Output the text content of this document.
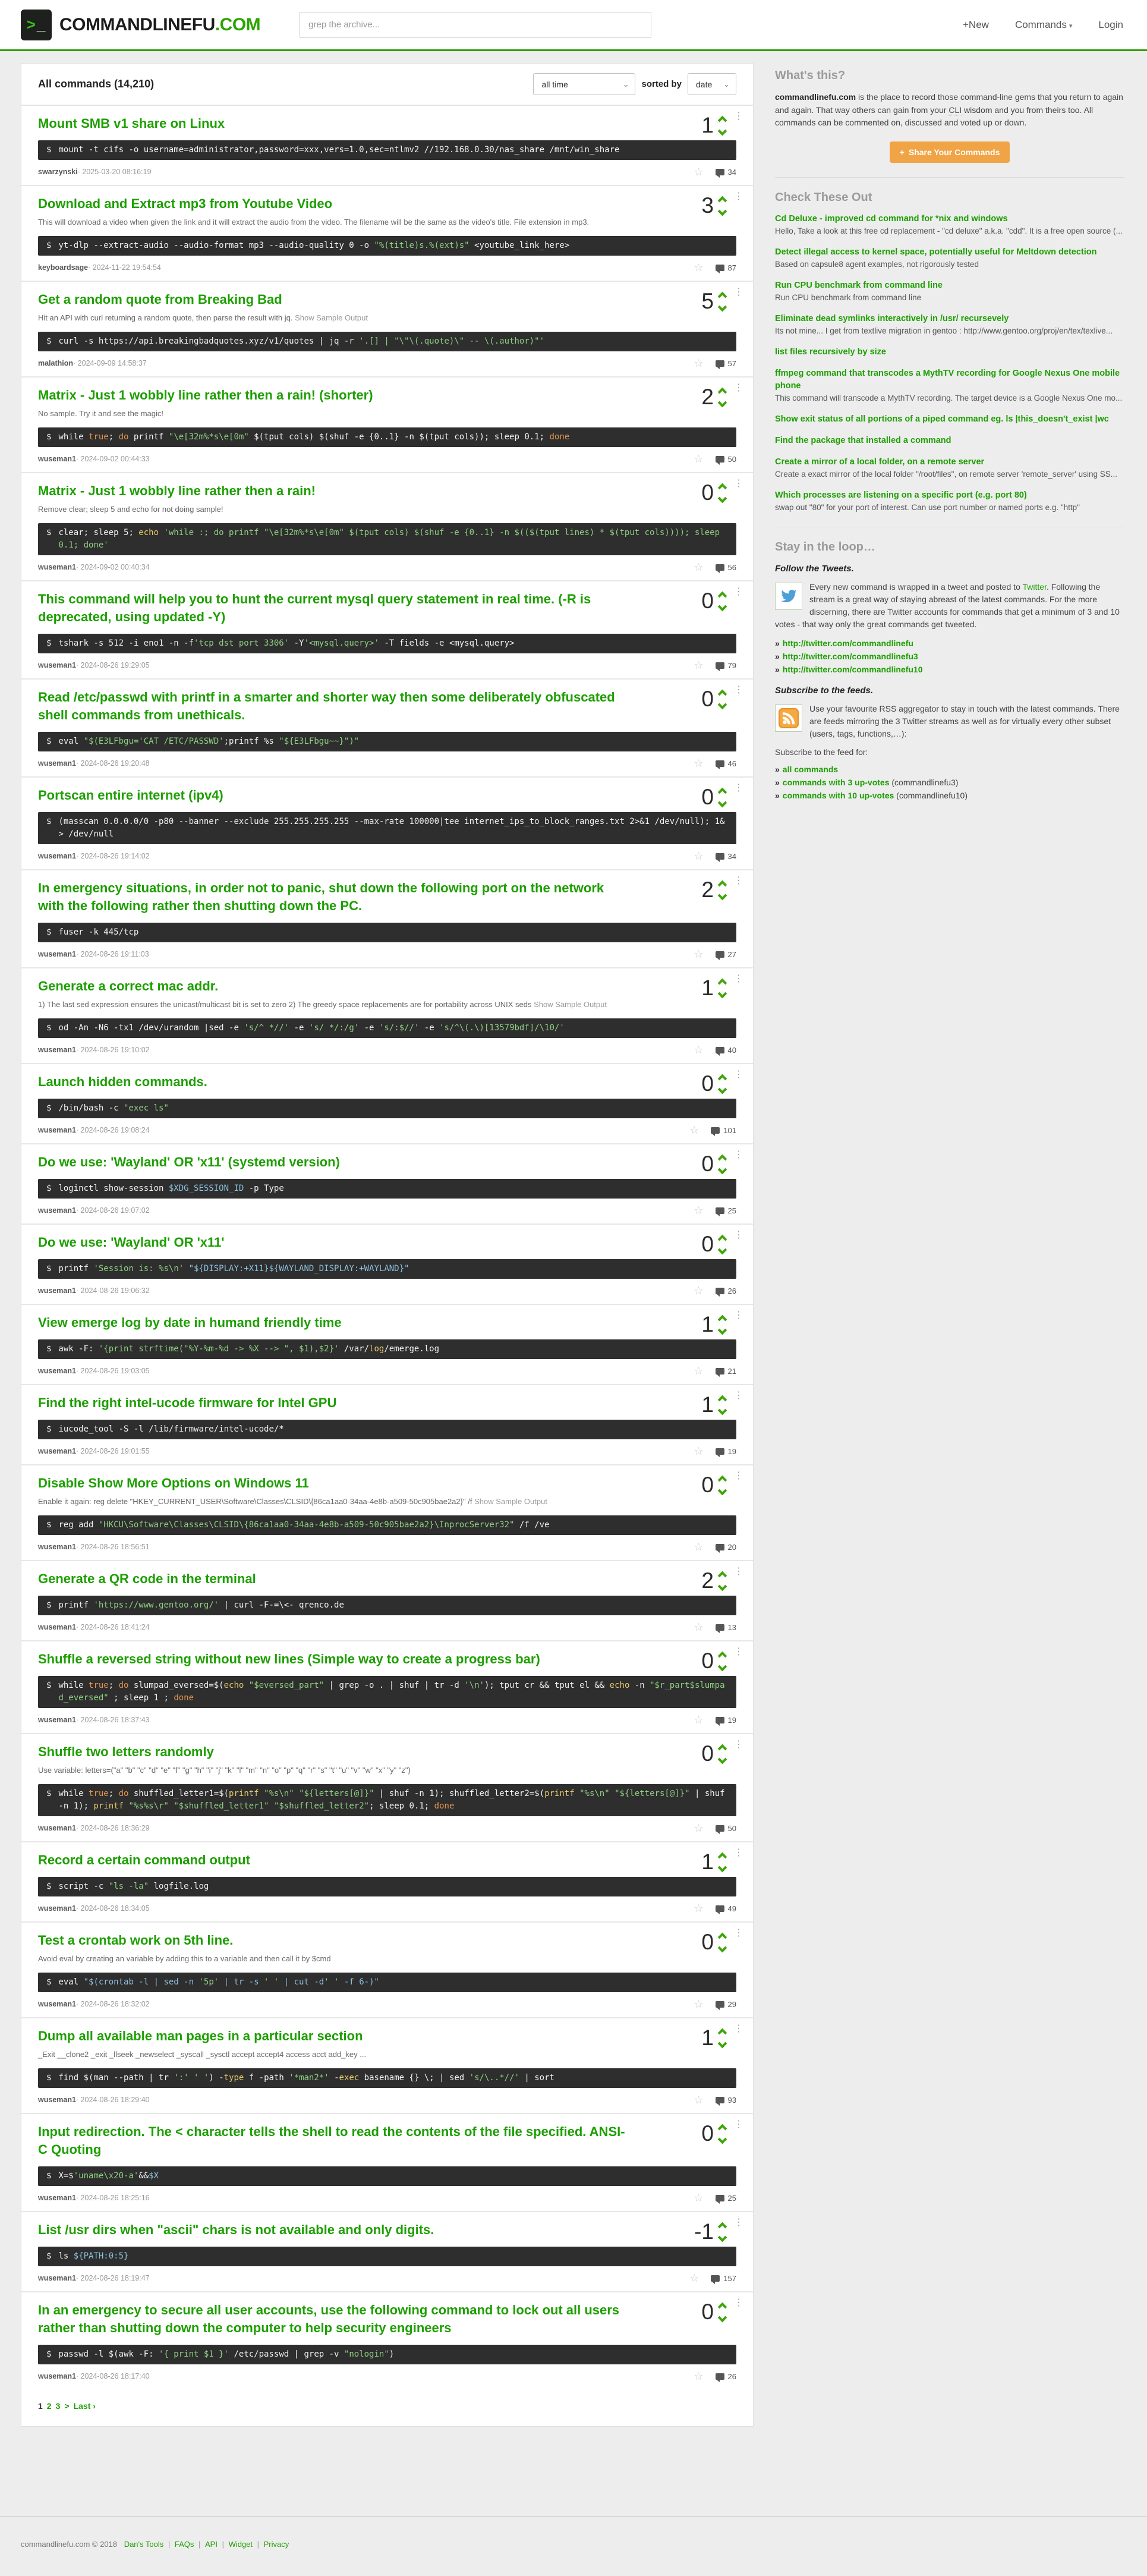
> _ COMMANDLINEFU.COM
grep the archive...	+New	Commands ▾	Login
All commands (14,210)	all time	⌄ sorted by date	⌄
Mount SMB v1 share on Linux
$ mount -t cifs -o username=administrator,password=xxx,vers=1.0,sec=ntlmv2 //192.168.0.30/nas_share /mnt/win_share
swarzynski · 2025-03-20 08:16:19	☆	34
1 ⋮
Download and Extract mp3 from Youtube Video
This will download a video when given the link and it will extract the audio from the video. The filename will be the same as the video's title. File extension in mp3.
$ yt-dlp --extract-audio --audio-format mp3 --audio-quality 0 -o "%(title)s.%(ext)s" <youtube_link_here>
keyboardsage · 2024-11-22 19:54:54	☆	87
3 ⋮
Get a random quote from Breaking Bad
Hit an API with curl returning a random quote, then parse the result with jq. Show Sample Output
$ curl -s https://api.breakingbadquotes.xyz/v1/quotes | jq -r '.[] | "\"\(.quote)\" -- \(.author)"'
malathion · 2024-09-09 14:58:37	☆	57
5 ⋮
Matrix - Just 1 wobbly line rather then a rain! (shorter)
No sample. Try it and see the magic!
$ while true; do printf "\e[32m%*s\e[0m" $(tput cols) $(shuf -e {0..1} -n $(tput cols)); sleep 0.1; done
wuseman1 · 2024-09-02 00:44:33	☆	50
2 ⋮
Matrix - Just 1 wobbly line rather then a rain!
Remove clear; sleep 5 and echo for not doing sample!
$ clear; sleep 5; echo 'while :; do printf "\e[32m%*s\e[0m" $(tput cols) $(shuf -e {0..1} -n $(($(tput lines) * $(tput cols)))); sleep 0.1; done'
wuseman1 · 2024-09-02 00:40:34	☆	56
0 ⋮
This command will help you to hunt the current mysql query statement in real time. (-R is deprecated, using updated -Y)
$ tshark -s 512 -i eno1 -n -f'tcp dst port 3306' -Y'<mysql.query>' -T fields -e <mysql.query>
wuseman1 · 2024-08-26 19:29:05	☆	79
0 ⋮
Read /etc/passwd with printf in a smarter and shorter way then some deliberately obfuscated shell commands from unethicals.
$ eval "$(E3LFbgu='CAT /ETC/PASSWD';printf %s "${E3LFbgu~~}")"
wuseman1 · 2024-08-26 19:20:48	☆	46
0 ⋮
Portscan entire internet (ipv4)
$ (masscan 0.0.0.0/0 -p80 --banner --exclude 255.255.255.255 --max-rate 100000|tee internet_ips_to_block_ranges.txt 2>&1 /dev/null); 1&> /dev/null
wuseman1 · 2024-08-26 19:14:02	☆	34
0 ⋮
In emergency situations, in order not to panic, shut down the following port on the network with the following rather then shutting down the PC.
$ fuser -k 445/tcp
wuseman1 · 2024-08-26 19:11:03	☆	27
2 ⋮
Generate a correct mac addr.
1) The last sed expression ensures the unicast/multicast bit is set to zero 2) The greedy space replacements are for portability across UNIX seds Show Sample Output
$ od -An -N6 -tx1 /dev/urandom |sed -e 's/^ *//' -e 's/ */:/g' -e 's/:$//' -e 's/^\(.\)[13579bdf]/\10/'
wuseman1 · 2024-08-26 19:10:02	☆	40
1 ⋮
Launch hidden commands.
$ /bin/bash -c "exec ls"
wuseman1 · 2024-08-26 19:08:24	☆	101
0 ⋮
Do we use: 'Wayland' OR 'x11' (systemd version)
$ loginctl show-session $XDG_SESSION_ID -p Type
wuseman1 · 2024-08-26 19:07:02	☆	25
0 ⋮
Do we use: 'Wayland' OR 'x11'
$ printf 'Session is: %s\n' "${DISPLAY:+X11}${WAYLAND_DISPLAY:+WAYLAND}"
wuseman1 · 2024-08-26 19:06:32	☆	26
0 ⋮
View emerge log by date in humand friendly time
$ awk -F: '{print strftime("%Y-%m-%d -> %X --> ", $1),$2}' /var/log/emerge.log
wuseman1 · 2024-08-26 19:03:05	☆	21
1 ⋮
Find the right intel-ucode firmware for Intel GPU
$ iucode_tool -S -l /lib/firmware/intel-ucode/*
wuseman1 · 2024-08-26 19:01:55	☆	19
1 ⋮
Disable Show More Options on Windows 11
Enable it again: reg delete "HKEY_CURRENT_USER\Software\Classes\CLSID\{86ca1aa0-34aa-4e8b-a509-50c905bae2a2}" /f Show Sample Output
$ reg add "HKCU\Software\Classes\CLSID\{86ca1aa0-34aa-4e8b-a509-50c905bae2a2}\InprocServer32" /f /ve
wuseman1 · 2024-08-26 18:56:51	☆	20
0 ⋮
Generate a QR code in the terminal
$ printf 'https://www.gentoo.org/' | curl -F-=\<- qrenco.de
wuseman1 · 2024-08-26 18:41:24	☆	13
2 ⋮
Shuffle a reversed string without new lines (Simple way to create a progress bar)
$ while true; do slumpad_eversed=$(echo "$eversed_part" | grep -o . | shuf | tr -d '\n'); tput cr && tput el && echo -n "$r_part$slumpad_eversed" ; sleep 1 ; done
wuseman1 · 2024-08-26 18:37:43	☆	19
0 ⋮
Shuffle two letters randomly
Use variable: letters=("a" "b" "c" "d" "e" "f" "g" "h" "i" "j" "k" "l" "m" "n" "o" "p" "q" "r" "s" "t" "u" "v" "w" "x" "y" "z")
$ while true; do shuffled_letter1=$(printf "%s\n" "${letters[@]}" | shuf -n 1); shuffled_letter2=$(printf "%s\n" "${letters[@]}" | shuf -n 1); printf "%s%s\r" "$shuffled_letter1" "$shuffled_letter2"; sleep 0.1; done
wuseman1 · 2024-08-26 18:36:29	☆	50
0 ⋮
Record a certain command output
$ script -c "ls -la" logfile.log
wuseman1 · 2024-08-26 18:34:05	☆	49
1 ⋮
Test a crontab work on 5th line.
Avoid eval by creating an variable by adding this to a variable and then call it by $cmd
$ eval "$(crontab -l | sed -n '5p' | tr -s ' ' | cut -d' ' -f 6-)"
wuseman1 · 2024-08-26 18:32:02	☆	29
0 ⋮
Dump all available man pages in a particular section
_Exit __clone2 _exit _llseek _newselect _syscall _sysctl accept accept4 access acct add_key ...
$ find $(man --path | tr ':' ' ') -type f -path '*man2*' -exec basename {} \; | sed 's/\..*//' | sort
wuseman1 · 2024-08-26 18:29:40	☆	93
1 ⋮
Input redirection. The < character tells the shell to read the contents of the file specified. ANSI-C Quoting
$ X=$'uname\x20-a'&&$X
wuseman1 · 2024-08-26 18:25:16	☆	25
0 ⋮
List /usr dirs when "ascii" chars is not available and only digits.
$ ls ${PATH:0:5}
wuseman1 · 2024-08-26 18:19:47	☆	157
-1 ⋮
In an emergency to secure all user accounts, use the following command to lock out all users rather than shutting down the computer to help security engineers
$ passwd -l $(awk -F: '{ print $1 }' /etc/passwd | grep -v "nologin")
wuseman1 · 2024-08-26 18:17:40	☆	26
0 ⋮
1 2 3 > Last ›
What's this?

commandlinefu.com is the place to record those command-line gems that you return to again and again. That way others can gain from your CLI wisdom and you from theirs too. All commands can be commented on, discussed and voted up or down.

+ Share Your Commands
Check These Out
Cd Deluxe - improved cd command for *nix and windows
Hello, Take a look at this free cd replacement - "cd deluxe" a.k.a. "cdd". It is a free open source (...
Detect illegal access to kernel space, potentially useful for Meltdown detection
Based on capsule8 agent examples, not rigorously tested
Run CPU benchmark from command line
Run CPU benchmark from command line
Eliminate dead symlinks interactively in /usr/ recursevely
Its not mine... I get from textlive migration in gentoo : http://www.gentoo.org/proj/en/tex/texlive...
list files recursively by size
ffmpeg command that transcodes a MythTV recording for Google Nexus One mobile phone
This command will transcode a MythTV recording. The target device is a Google Nexus One mo...
Show exit status of all portions of a piped command eg. ls |this_doesn't_exist |wc
Find the package that installed a command
Create a mirror of a local folder, on a remote server
Create a exact mirror of the local folder "/root/files", on remote server 'remote_server' using SS...
Which processes are listening on a specific port (e.g. port 80)
swap out "80" for your port of interest. Can use port number or named ports e.g. "http"
Stay in the loop…
Follow the Tweets.

Every new command is wrapped in a tweet and posted to Twitter. Following the stream is a great way of staying abreast of the latest commands. For the more discerning, there are Twitter accounts for commands that get a minimum of 3 and 10 votes - that way only the great commands get tweeted.

» http://twitter.com/commandlinefu
» http://twitter.com/commandlinefu3
» http://twitter.com/commandlinefu10
Subscribe to the feeds.

Use your favourite RSS aggregator to stay in touch with the latest commands. There are feeds mirroring the 3 Twitter streams as well as for virtually every other subset (users, tags, functions,…):

Subscribe to the feed for:

» all commands
» commands with 3 up-votes (commandlinefu3)
» commands with 10 up-votes (commandlinefu10)
commandlinefu.com © 2018 Dan's Tools | FAQs | API | Widget | Privacy
